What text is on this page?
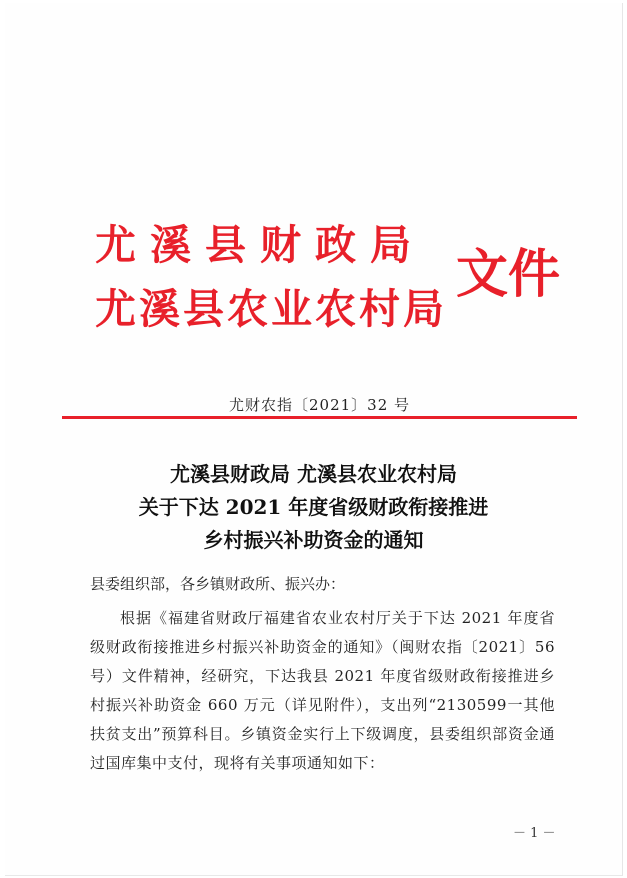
尤溪县财政局
尤溪县农业农村局
文件
尤财农指〔2021〕32 号
尤溪县财政局 尤溪县农业农村局
关于下达 2021 年度省级财政衔接推进
乡村振兴补助资金的通知
县委组织部，各乡镇财政所、振兴办：
根据《福建省财政厅福建省农业农村厅关于下达 2021 年度省级财政衔接推进乡村振兴补助资金的通知》（闽财农指〔2021〕56 号）文件精神，经研究，下达我县 2021 年度省级财政衔接推进乡村振兴补助资金 660 万元（详见附件），支出列“2130599一其他扶贫支出”预算科目。乡镇资金实行上下级调度，县委组织部资金通过国库集中支付，现将有关事项通知如下：
－ 1 －
